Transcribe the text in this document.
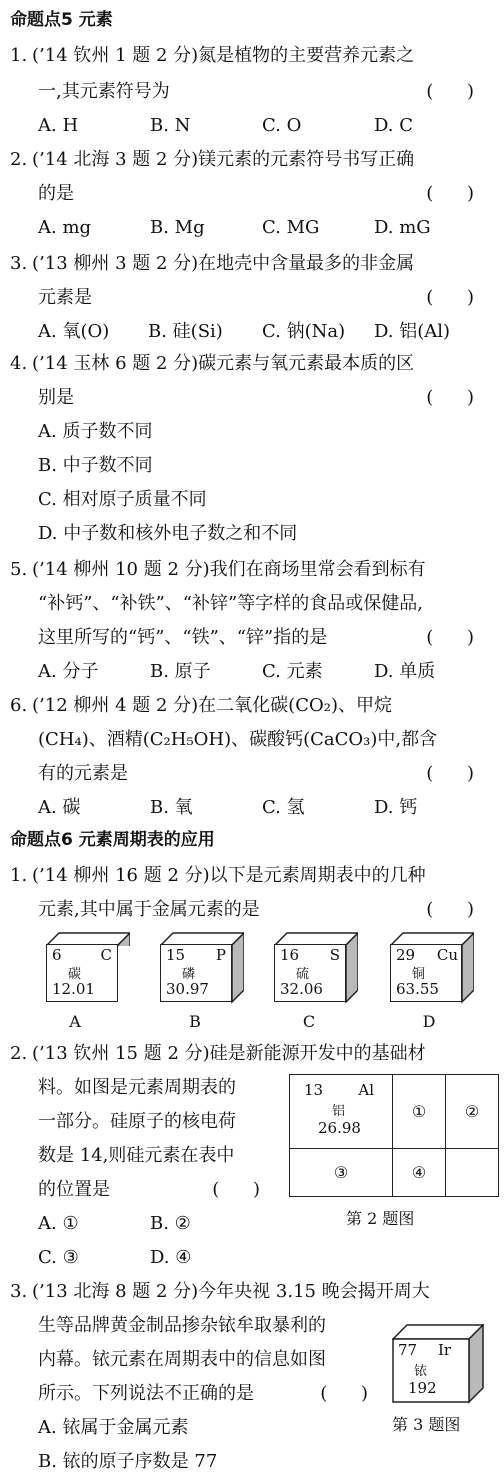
命题点5 元素
1. (’14 钦州 1 题 2 分)氮是植物的主要营养元素之
一,其元素符号为	( )
A. H	B. N	C. O	D. C
2. (’14 北海 3 题 2 分)镁元素的元素符号书写正确
的是	( )
A. mg	B. Mg	C. MG	D. mG
3. (’13 柳州 3 题 2 分)在地壳中含量最多的非金属
元素是	( )
A. 氧(O) B. 硅(Si) C. 钠(Na) D. 铝(Al)
4. (’14 玉林 6 题 2 分)碳元素与氧元素最本质的区
别是	( )
A. 质子数不同
B. 中子数不同
C. 相对原子质量不同
D. 中子数和核外电子数之和不同
5. (’14 柳州 10 题 2 分)我们在商场里常会看到标有
“补钙”、“补铁”、“补锌”等字样的食品或保健品,
这里所写的“钙”、“铁”、“锌”指的是	( )
A. 分子	B. 原子	C. 元素	D. 单质
6. (’12 柳州 4 题 2 分)在二氧化碳(CO₂)、甲烷
(CH₄)、酒精(C₂H₅OH)、碳酸钙(CaCO₃)中,都含
有的元素是	( )
A. 碳	B. 氧	C. 氢	D. 钙
命题点6 元素周期表的应用
1. (’14 柳州 16 题 2 分)以下是元素周期表中的几种
元素,其中属于金属元素的是	( )
6	C
碳
12.01
15 P
磷
30.97
16 S
硫
32.06
29 Cu
铜
63.55
A	B	C	D
2. (’13 钦州 15 题 2 分)硅是新能源开发中的基础材
料。如图是元素周期表的
一部分。硅原子的核电荷
数是 14,则硅元素在表中
的位置是	( )
A. ①	B. ②
C. ③	D. ④
13 Al
铝
26.98	①	②
③	④	
第 2 题图
3. (’13 北海 8 题 2 分)今年央视 3.15 晚会揭开周大
生等品牌黄金制品掺杂铱牟取暴利的
内幕。铱元素在周期表中的信息如图
所示。下列说法不正确的是	( )
A. 铱属于金属元素
B. 铱的原子序数是 77
77 Ir
铱
192
第 3 题图
